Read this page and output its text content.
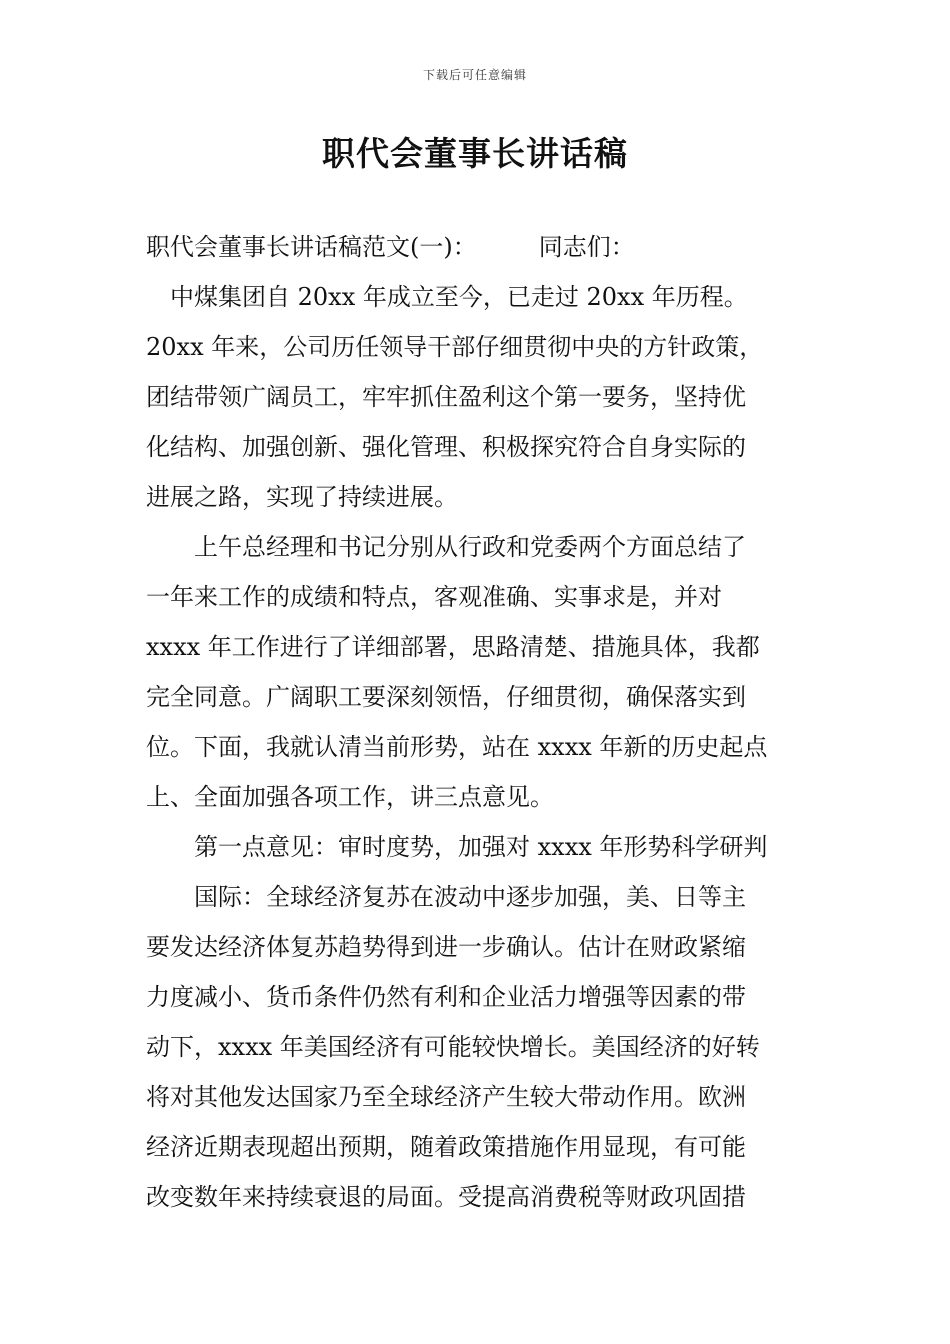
下载后可任意编辑
职代会董事长讲话稿

职代会董事长讲话稿范文(一)：	同志们：

　中煤集团自 20xx 年成立至今，已走过 20xx 年历程。

20xx 年来，公司历任领导干部仔细贯彻中央的方针政策，

团结带领广阔员工，牢牢抓住盈利这个第一要务，坚持优

化结构、加强创新、强化管理、积极探究符合自身实际的

进展之路，实现了持续进展。

　　上午总经理和书记分别从行政和党委两个方面总结了

一年来工作的成绩和特点，客观准确、实事求是，并对

xxxx 年工作进行了详细部署，思路清楚、措施具体，我都

完全同意。广阔职工要深刻领悟，仔细贯彻，确保落实到

位。下面，我就认清当前形势，站在 xxxx 年新的历史起点

上、全面加强各项工作，讲三点意见。

　　第一点意见：审时度势，加强对 xxxx 年形势科学研判

　　国际：全球经济复苏在波动中逐步加强，美、日等主

要发达经济体复苏趋势得到进一步确认。估计在财政紧缩

力度减小、货币条件仍然有利和企业活力增强等因素的带

动下，xxxx 年美国经济有可能较快增长。美国经济的好转

将对其他发达国家乃至全球经济产生较大带动作用。欧洲

经济近期表现超出预期，随着政策措施作用显现，有可能

改变数年来持续衰退的局面。受提高消费税等财政巩固措
